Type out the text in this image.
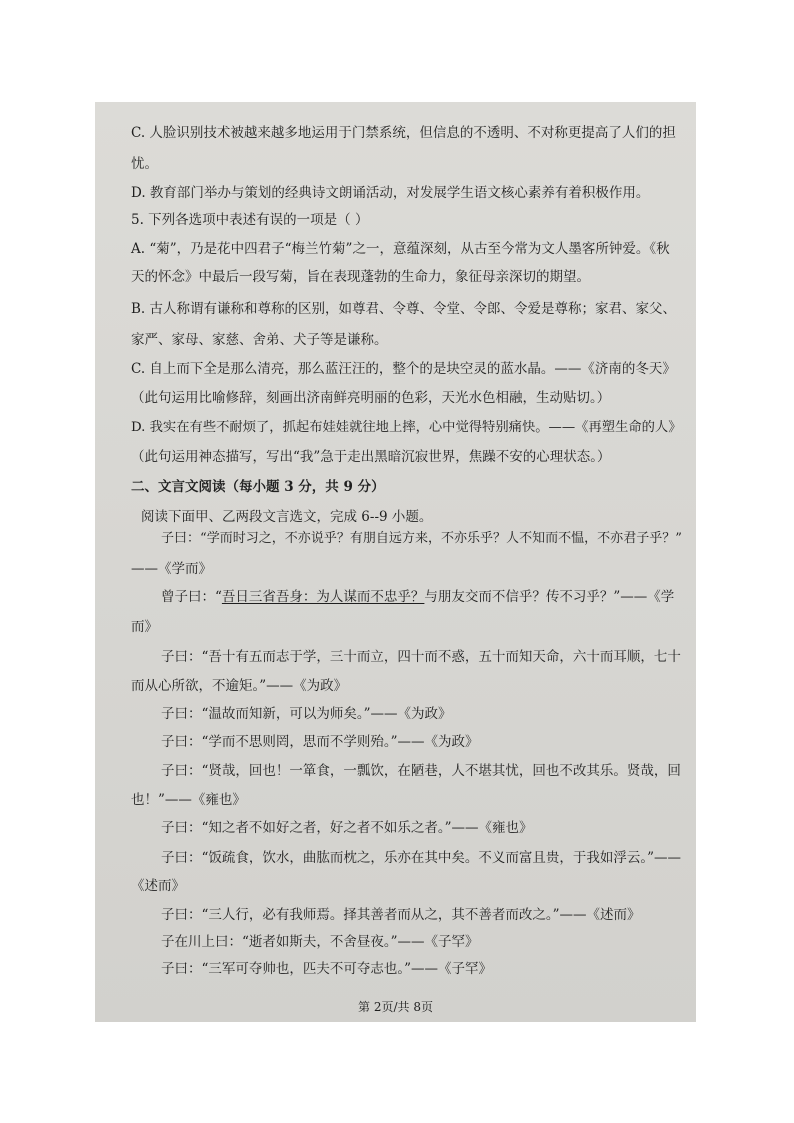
C. 人脸识别技术被越来越多地运用于门禁系统，但信息的不透明、不对称更提高了人们的担
忧。
D. 教育部门举办与策划的经典诗文朗诵活动，对发展学生语文核心素养有着积极作用。
5. 下列各选项中表述有误的一项是（ ）
A. “菊”，乃是花中四君子“梅兰竹菊”之一，意蕴深刻，从古至今常为文人墨客所钟爱。《秋
天的怀念》中最后一段写菊，旨在表现蓬勃的生命力，象征母亲深切的期望。
B. 古人称谓有谦称和尊称的区别，如尊君、令尊、令堂、令郎、令爱是尊称；家君、家父、
家严、家母、家慈、舍弟、犬子等是谦称。
C. 自上而下全是那么清亮，那么蓝汪汪的，整个的是块空灵的蓝水晶。——《济南的冬天》
（此句运用比喻修辞，刻画出济南鲜亮明丽的色彩，天光水色相融，生动贴切。）
D. 我实在有些不耐烦了，抓起布娃娃就往地上摔，心中觉得特别痛快。——《再塑生命的人》
（此句运用神态描写，写出“我”急于走出黑暗沉寂世界，焦躁不安的心理状态。）
二、文言文阅读（每小题 3 分，共 9 分）
阅读下面甲、乙两段文言选文，完成 6--9 小题。
子曰：“学而时习之，不亦说乎？有朋自远方来，不亦乐乎？人不知而不愠，不亦君子乎？”
——《学而》
曾子曰：“吾日三省吾身：为人谋而不忠乎？与朋友交而不信乎？传不习乎？”——《学
而》
子曰：“吾十有五而志于学，三十而立，四十而不惑，五十而知天命，六十而耳顺，七十
而从心所欲，不逾矩。”——《为政》
子曰：“温故而知新，可以为师矣。”——《为政》
子曰：“学而不思则罔，思而不学则殆。”——《为政》
子曰：“贤哉，回也！一箪食，一瓢饮，在陋巷，人不堪其忧，回也不改其乐。贤哉，回
也！”——《雍也》
子曰：“知之者不如好之者，好之者不如乐之者。”——《雍也》
子曰：“饭疏食，饮水，曲肱而枕之，乐亦在其中矣。不义而富且贵，于我如浮云。”——
《述而》
子曰：“三人行，必有我师焉。择其善者而从之，其不善者而改之。”——《述而》
子在川上曰：“逝者如斯夫，不舍昼夜。”——《子罕》
子曰：“三军可夺帅也，匹夫不可夺志也。”——《子罕》
第 2页/共 8页
